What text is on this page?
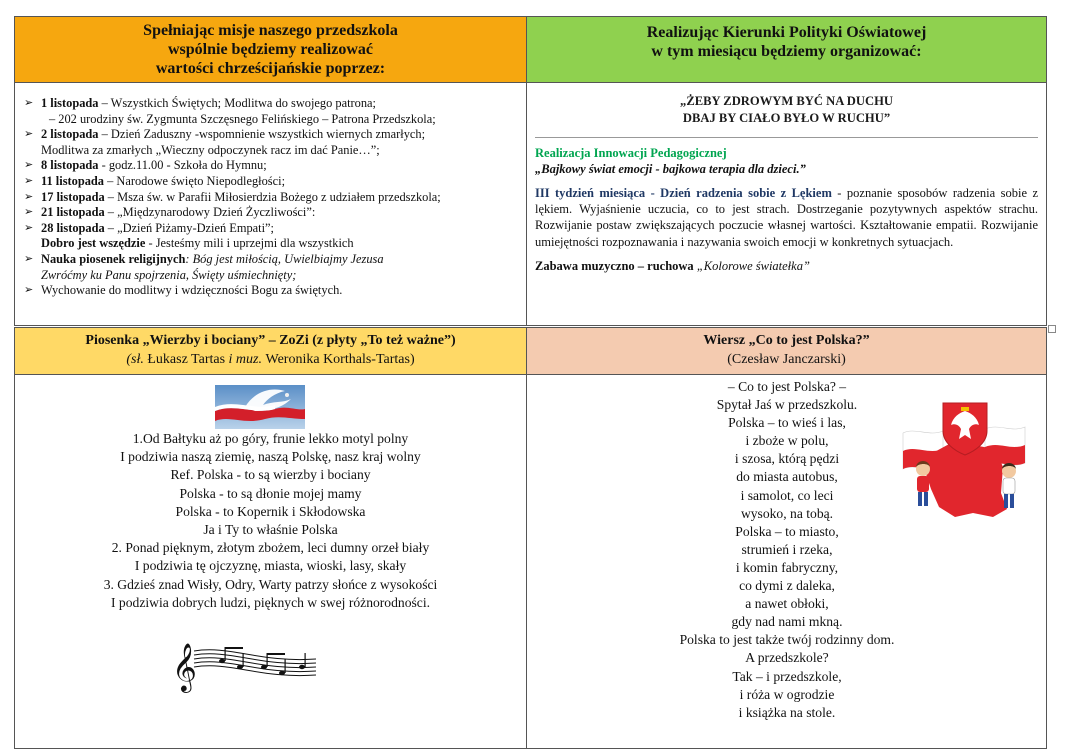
Spełniając misje naszego przedszkola
wspólnie będziemy realizować
wartości chrześcijańskie poprzez:
Realizując Kierunki Polityki Oświatowej
w tym miesiącu będziemy organizować:
➢ 1 listopada – Wszystkich Świętych; Modlitwa do swojego patrona;
– 202 urodziny św. Zygmunta Szczęsnego Felińskiego – Patrona Przedszkola;
➢ 2 listopada – Dzień Zaduszny -wspomnienie wszystkich wiernych zmarłych;
Modlitwa za zmarłych „Wieczny odpoczynek racz im dać Panie…”;
➢ 8 listopada - godz.11.00 - Szkoła do Hymnu;
➢ 11 listopada – Narodowe święto Niepodległości;
➢ 17 listopada – Msza św. w Parafii Miłosierdzia Bożego z udziałem przedszkola;
➢ 21 listopada – „Międzynarodowy Dzień Życzliwości”:
➢ 28 listopada – „Dzień Piżamy-Dzień Empati”;
Dobro jest wszędzie - Jesteśmy mili i uprzejmi dla wszystkich
➢ Nauka piosenek religijnych: Bóg jest miłością, Uwielbiajmy Jezusa
Zwróćmy ku Panu spojrzenia, Święty uśmiechnięty;
➢ Wychowanie do modlitwy i wdzięczności Bogu za świętych.
„ŻEBY ZDROWYM BYĆ NA DUCHU
DBAJ BY CIAŁO BYŁO W RUCHU”
Realizacja Innowacji Pedagogicznej
„Bajkowy świat emocji - bajkowa terapia dla dzieci.”
III tydzień miesiąca - Dzień radzenia sobie z Lękiem - poznanie sposobów radzenia sobie z lękiem. Wyjaśnienie uczucia, co to jest strach. Dostrzeganie pozytywnych aspektów strachu. Rozwijanie postaw zwiększających poczucie własnej wartości. Kształtowanie empatii. Rozwijanie umiejętności rozpoznawania i nazywania swoich emocji w konkretnych sytuacjach.
Zabawa muzyczno – ruchowa „Kolorowe światełka”
Piosenka „Wierzby i bociany” – ZoZi (z płyty „To też ważne”)
(sł. Łukasz Tartas i muz. Weronika Korthals-Tartas)
Wiersz „Co to jest Polska?”
(Czesław Janczarski)
1.Od Bałtyku aż po góry, frunie lekko motyl polny
I podziwia naszą ziemię, naszą Polskę, nasz kraj wolny
Ref. Polska - to są wierzby i bociany
Polska - to są dłonie mojej mamy
Polska - to Kopernik i Skłodowska
Ja i Ty to właśnie Polska
2. Ponad pięknym, złotym zbożem, leci dumny orzeł biały
I podziwia tę ojczyznę, miasta, wioski, lasy, skały
3. Gdzieś znad Wisły, Odry, Warty patrzy słońce z wysokości
I podziwia dobrych ludzi, pięknych w swej różnorodności.
𝄞
– Co to jest Polska? –
Spytał Jaś w przedszkolu.
Polska – to wieś i las,
i zboże w polu,
i szosa, którą pędzi
do miasta autobus,
i samolot, co leci
wysoko, na tobą.
Polska – to miasto,
strumień i rzeka,
i komin fabryczny,
co dymi z daleka,
a nawet obłoki,
gdy nad nami mkną.
Polska to jest także twój rodzinny dom.
A przedszkole?
Tak – i przedszkole,
i róża w ogrodzie
i książka na stole.
